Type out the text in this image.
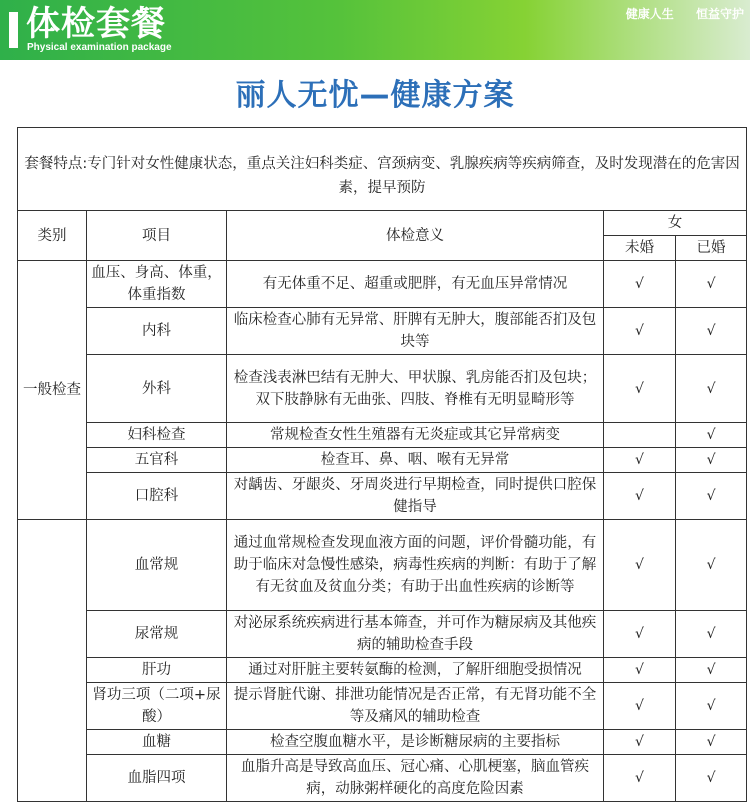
体检套餐
Physical examination package
健康人生 恒益守护
丽人无忧—健康方案
套餐特点:专门针对女性健康状态，重点关注妇科类症、宫颈病变、乳腺疾病等疾病筛查，及时发现潜在的危害因素，提早预防				
类别	项目	体检意义	女	
			未婚	已婚
一般检查	血压、身高、体重，体重指数	有无体重不足、超重或肥胖，有无血压异常情况	√	√
	内科	临床检查心肺有无异常、肝脾有无肿大，腹部能否扪及包块等	√	√
	外科	检查浅表淋巴结有无肿大、甲状腺、乳房能否扪及包块；双下肢静脉有无曲张、四肢、脊椎有无明显畸形等	√	√
	妇科检查	常规检查女性生殖器有无炎症或其它异常病变		√
	五官科	检查耳、鼻、咽、喉有无异常	√	√
	口腔科	对龋齿、牙龈炎、牙周炎进行早期检查，同时提供口腔保健指导	√	√
	血常规	通过血常规检查发现血液方面的问题，评价骨髓功能，有助于临床对急慢性感染，病毒性疾病的判断：有助于了解有无贫血及贫血分类；有助于出血性疾病的诊断等	√	√
	尿常规	对泌尿系统疾病进行基本筛查，并可作为糖尿病及其他疾病的辅助检查手段	√	√
	肝功	通过对肝脏主要转氨酶的检测，了解肝细胞受损情况	√	√
	肾功三项（二项+尿酸）	提示肾脏代谢、排泄功能情况是否正常，有无肾功能不全等及痛风的辅助检查	√	√
	血糖	检查空腹血糖水平，是诊断糖尿病的主要指标	√	√
	血脂四项	血脂升高是导致高血压、冠心痛、心肌梗塞，脑血管疾病，动脉粥样硬化的高度危险因素	√	√
